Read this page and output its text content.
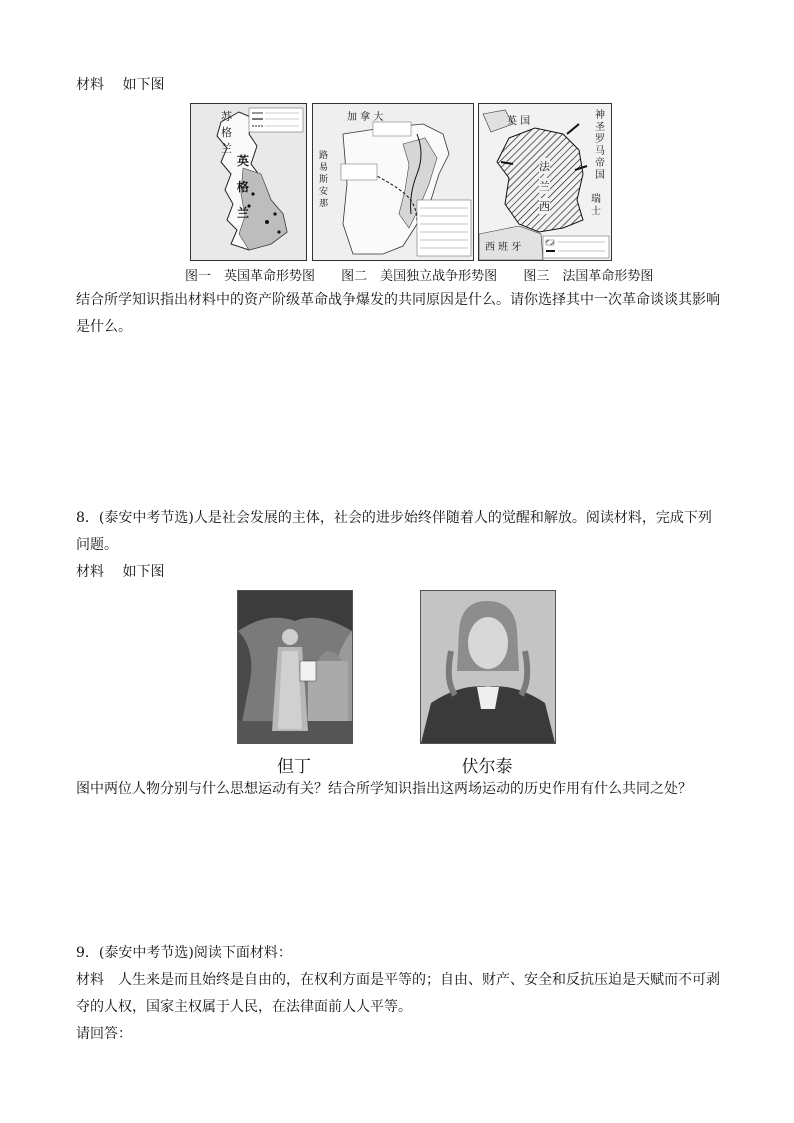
材料　 如下图
苏
格
兰
英
格
兰
加 拿 大
路
易
斯
安
那
英 国
神
圣
罗
马
帝
国
瑞
士
法
兰
西
西 班 牙
图一　英国革命形势图 图二　美国独立战争形势图 图三　法国革命形势图
结合所学知识指出材料中的资产阶级革命战争爆发的共同原因是什么。请你选择其中一次革命谈谈其影响
是什么。
8．(泰安中考节选)人是社会发展的主体，社会的进步始终伴随着人的觉醒和解放。阅读材料，完成下列
问题。
材料　 如下图
但丁	伏尔泰
图中两位人物分别与什么思想运动有关？结合所学知识指出这两场运动的历史作用有什么共同之处？
9．(泰安中考节选)阅读下面材料：
材料　人生来是而且始终是自由的，在权利方面是平等的；自由、财产、安全和反抗压迫是天赋而不可剥
夺的人权，国家主权属于人民，在法律面前人人平等。
请回答：
